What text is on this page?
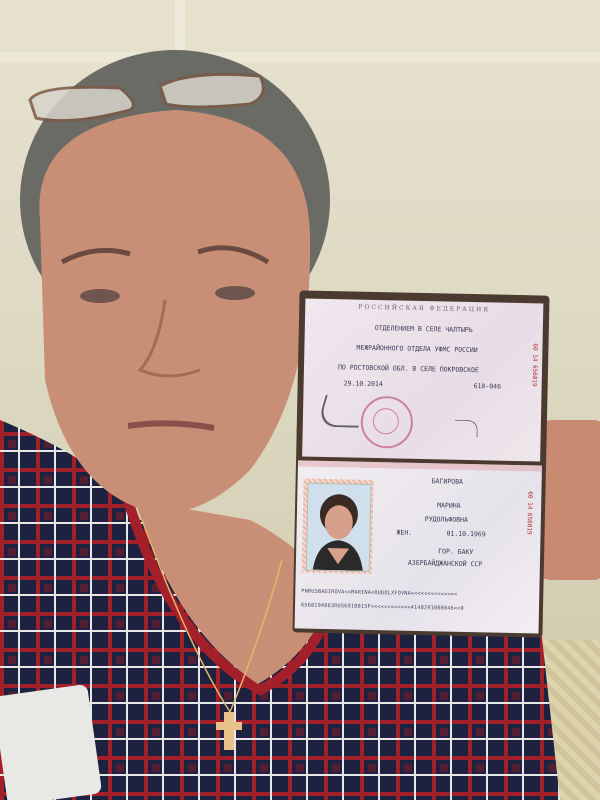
РОССИЙСКАЯ ФЕДЕРАЦИЯ
ОТДЕЛЕНИЕМ В СЕЛЕ ЧАЛТЫРЬ
МЕЖРАЙОННОГО ОТДЕЛА УФМС РОССИИ
ПО РОСТОВСКОЙ ОБЛ. В СЕЛЕ ПОКРОВСКОЕ
29.10.2014	610-046	60 14 656819
БАГИРОВА
МАРИНА
РУДОЛЬФОВНА
ЖЕН.	01.10.1969
ГОР. БАКУ
АЗЕРБАЙДЖАНСКОЙ ССР
60 14 656819
PNRUSBAGIROVA<<MARINA<RUDOLXFOVNA<<<<<<<<<<<<<<
6568194063RUS6910015F<<<<<<<<<<<<4140291000046<<0
